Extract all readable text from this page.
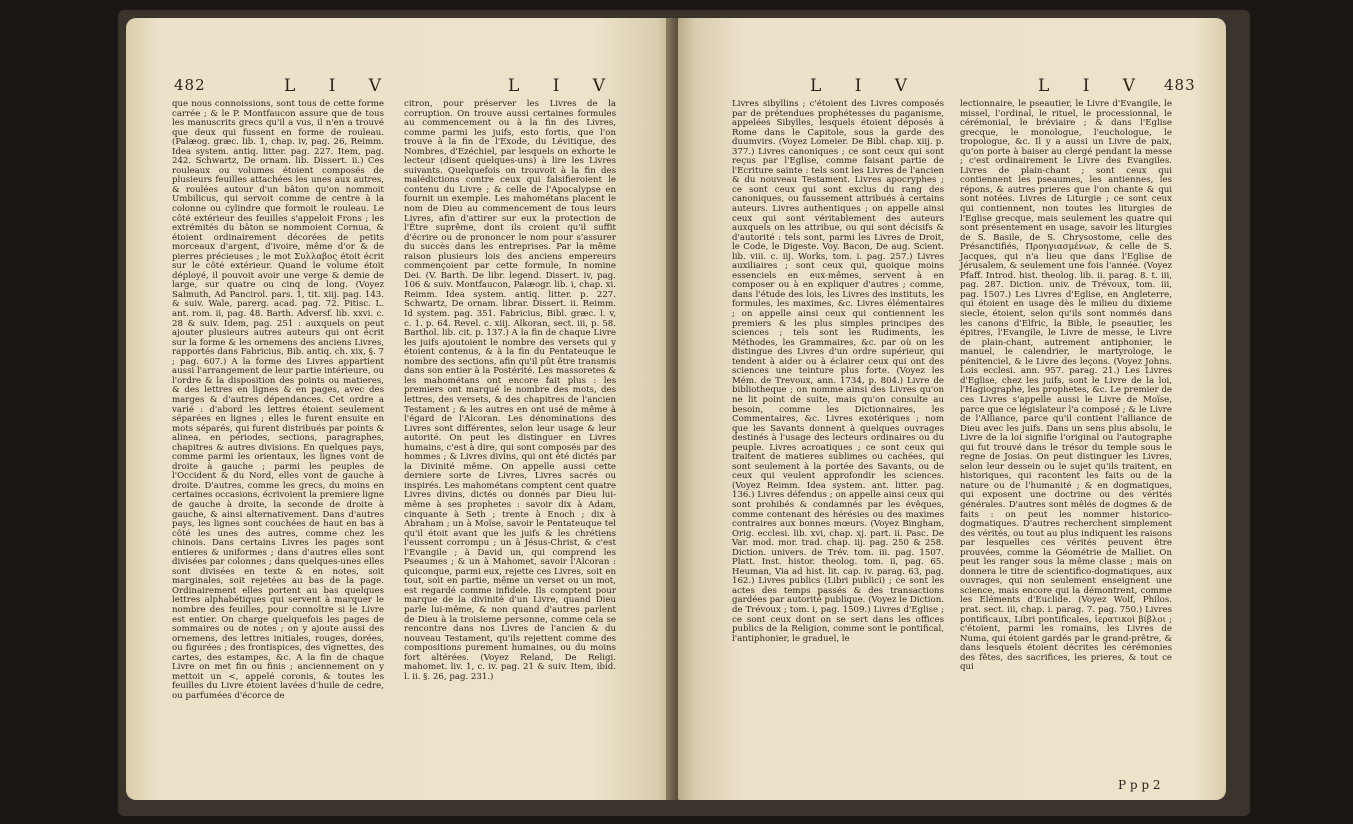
482	L I V	L I V
que nous connoissions, sont tous de cette forme carrée ; & le P. Montfaucon assure que de tous les manuscrits grecs qu'il a vus, il n'en a trouvé que deux qui fussent en forme de rouleau. (Palæog. græc. lib. 1, chap. iv, pag. 26, Reimm. Idea system. antiq. litter. pag. 227. Item, pag. 242. Schwartz, De ornam. lib. Dissert. ii.) Ces rouleaux ou volumes étoient composés de plusieurs feuilles attachées les unes aux autres, & roulées autour d'un bâton qu'on nommoit Umbilicus, qui servoit comme de centre à la colonne ou cylindre que formoit le rouleau. Le côté extérieur des feuilles s'appeloit Frons ; les extrémités du bâton se nommoient Cornua, & étoient ordinairement décorées de petits morceaux d'argent, d'ivoire, même d'or & de pierres précieuses ; le mot Συλλαβος étoit écrit sur le côté extérieur. Quand le volume étoit déployé, il pouvoit avoir une verge & demie de large, sur quatre ou cinq de long. (Voyez Salmuth, Ad Pancirol. pars. 1, tit. xiij. pag. 143. & suiv. Wale, parerg. acad. pag. 72. Pitisc. L. ant. rom. ii, pag. 48. Barth. Adversf. lib. xxvi. c. 28 & suiv. Idem, pag. 251 : auxquels on peut ajouter plusieurs autres auteurs qui ont écrit sur la forme & les ornemens des anciens Livres, rapportés dans Fabricius, Bib. antiq. ch. xix, §. 7 ; pag. 607.) A la forme des Livres appartient aussi l'arrangement de leur partie intérieure, ou l'ordre & la disposition des points ou matieres, & des lettres en lignes & en pages, avec des marges & d'autres dépendances. Cet ordre a varié : d'abord les lettres étoient seulement séparées en lignes ; elles le furent ensuite en mots séparés, qui furent distribués par points & alinea, en périodes, sections, paragraphes, chapitres & autres divisions. En quelques pays, comme parmi les orientaux, les lignes vont de droite à gauche ; parmi les peuples de l'Occident & du Nord, elles vont de gauche à droite. D'autres, comme les grecs, du moins en certaines occasions, écrivoient la premiere ligne de gauche à droite, la seconde de droite à gauche, & ainsi alternativement. Dans d'autres pays, les lignes sont couchées de haut en bas à côté les unes des autres, comme chez les chinois. Dans certains Livres les pages sont entieres & uniformes ; dans d'autres elles sont divisées par colonnes ; dans quelques-unes elles sont divisées en texte & en notes, soit marginales, soit rejetées au bas de la page. Ordinairement elles portent au bas quelques lettres alphabétiques qui servent à marquer le nombre des feuilles, pour connoître si le Livre est entier. On charge quelquefois les pages de sommaires ou de notes ; on y ajoute aussi des ornemens, des lettres initiales, rouges, dorées, ou figurées ; des frontispices, des vignettes, des cartes, des estampes, &c. A la fin de chaque Livre on met fin ou finis ; anciennement on y mettoit un <, appelé coronis, & toutes les feuilles du Livre étoient lavées d'huile de cedre, ou parfumées d'écorce de
citron, pour préserver les Livres de la corruption. On trouve aussi certaines formules au commencement ou à la fin des Livres, comme parmi les juifs, esto fortis, que l'on trouve à la fin de l'Exode, du Lévitique, des Nombres, d'Ezéchiel, par lesquels on exhorte le lecteur (disent quelques-uns) à lire les Livres suivants. Quelquefois on trouvoit à la fin des malédictions contre ceux qui falsifieroient le contenu du Livre ; & celle de l'Apocalypse en fournit un exemple. Les mahométans placent le nom de Dieu au commencement de tous leurs Livres, afin d'attirer sur eux la protection de l'Être suprême, dont ils croient qu'il suffit d'écrire ou de prononcer le nom pour s'assurer du succès dans les entreprises. Par la même raison plusieurs lois des anciens empereurs commençoient par cette formule, In nomine Dei. (V. Barth. De libr. legend. Dissert. iv, pag. 106 & suiv. Montfaucon, Palæogr. lib. i, chap. xi. Reimm. Idea system. antiq. litter. p. 227. Schwartz, De ornam. librar. Dissert. ii. Reimm. Id system. pag. 351. Fabricius, Bibl. græc. l. v, c. 1. p. 64. Revel. c. xiij. Alkoran, sect. iii, p. 58. Barthol. lib. cit. p. 137.) A la fin de chaque Livre les juifs ajoutoient le nombre des versets qui y étoient contenus, & à la fin du Pentateuque le nombre des sections, afin qu'il pût être transmis dans son entier à la Postérité. Les massoretes & les mahométans ont encore fait plus : les premiers ont marqué le nombre des mots, des lettres, des versets, & des chapitres de l'ancien Testament ; & les autres en ont usé de même à l'égard de l'Alcoran. Les dénominations des Livres sont différentes, selon leur usage & leur autorité. On peut les distinguer en Livres humains, c'est à dire, qui sont composés par des hommes ; & Livres divins, qui ont été dictés par la Divinité même. On appelle aussi cette derniere sorte de Livres, Livres sacrés ou inspirés. Les mahométans comptent cent quatre Livres divins, dictés ou donnés par Dieu lui-même à ses prophetes : savoir dix à Adam, cinquante à Seth ; trente à Enoch ; dix à Abraham ; un à Moïse, savoir le Pentateuque tel qu'il étoit avant que les juifs & les chrétiens l'eussent corrompu ; un à Jésus-Christ, & c'est l'Evangile ; à David un, qui comprend les Pseaumes ; & un à Mahomet, savoir l'Alcoran : quiconque, parmi eux, rejette ces Livres, soit en tout, soit en partie, même un verset ou un mot, est regardé comme infidele. Ils comptent pour marque de la divinité d'un Livre, quand Dieu parle lui-même, & non quand d'autres parlent de Dieu à la troisieme personne, comme cela se rencontre dans nos Livres de l'ancien & du nouveau Testament, qu'ils rejettent comme des compositions purement humaines, ou du moins fort altérées. (Voyez Reland, De Religi. mahomet. liv. 1, c. iv. pag. 21 & suiv. Item, ibid. l. ii. §. 26, pag. 231.)
L I V	L I V 483
Livres sibyllins ; c'étoient des Livres composés par de prétendues prophétesses du paganisme, appelées Sibylles, lesquels étoient déposés à Rome dans le Capitole, sous la garde des duumvirs. (Voyez Lomeier. De Bibl. chap. xiij. p. 377.) Livres canoniques ; ce sont ceux qui sont reçus par l'Eglise, comme faisant partie de l'Ecriture sainte : tels sont les Livres de l'ancien & du nouveau Testament. Livres apocryphes ; ce sont ceux qui sont exclus du rang des canoniques, ou faussement attribués à certains auteurs. Livres authentiques ; on appelle ainsi ceux qui sont véritablement des auteurs auxquels on les attribue, ou qui sont décisifs & d'autorité : tels sont, parmi les Livres de Droit, le Code, le Digeste. Voy. Bacon, De aug. Scient. lib. viii. c. iij. Works, tom. i. pag. 257.) Livres auxiliaires ; sont ceux qui, quoique moins essenciels en eux-mêmes, servent à en composer ou à en expliquer d'autres ; comme, dans l'étude des lois, les Livres des instituts, les formules, les maximes, &c. Livres élémentaires ; on appelle ainsi ceux qui contiennent les premiers & les plus simples principes des sciences ; tels sont les Rudiments, les Méthodes, les Grammaires, &c. par où on les distingue des Livres d'un ordre supérieur, qui tendent à aider ou à éclairer ceux qui ont des sciences une teinture plus forte. (Voyez les Mém. de Trevoux, ann. 1734, p. 804.) Livre de bibliotheque ; on nomme ainsi des Livres qu'on ne lit point de suite, mais qu'on consulte au besoin, comme les Dictionnaires, les Commentaires, &c. Livres exotériques ; nom que les Savants donnent à quelques ouvrages destinés à l'usage des lecteurs ordinaires ou du peuple. Livres acroatiques ; ce sont ceux qui traitent de matieres sublimes ou cachées, qui sont seulement à la portée des Savants, ou de ceux qui veulent approfondir les sciences. (Voyez Reimm. Idea system. ant. litter. pag. 136.) Livres défendus ; on appelle ainsi ceux qui sont prohibés & condamnés par les évêques, comme contenant des hérésies ou des maximes contraires aux bonnes mœurs. (Voyez Bingham, Orig. ecclesi. lib. xvi, chap. xj. part. ii. Pasc. De Var. mod. mor. trad. chap. iij. pag. 250 & 258. Diction. univers. de Trév. tom. iii. pag. 1507. Platt. Inst. histor. theolog. tom. ii, pag. 65. Heuman, Via ad hist. lit. cap. iv. parag. 63, pag. 162.) Livres publics (Libri publici) ; ce sont les actes des temps passés & des transactions gardées par autorité publique. (Voyez le Diction. de Trévoux ; tom. i, pag. 1509.) Livres d'Eglise ; ce sont ceux dont on se sert dans les offices publics de la Religion, comme sont le pontifical, l'antiphonier, le graduel, le
lectionnaire, le pseautier, le Livre d'Evangile, le missel, l'ordinal, le rituel, le processionnal, le cérémonial, le bréviaire ; & dans l'Eglise grecque, le monologue, l'euchologue, le tropologue, &c. Il y a aussi un Livre de paix, qu'on porte à baiser au clergé pendant la messe ; c'est ordinairement le Livre des Evangiles. Livres de plain-chant ; sont ceux qui contiennent les pseaumes, les antiennes, les répons, & autres prieres que l'on chante & qui sont notées. Livres de Liturgie ; ce sont ceux qui contiennent, non toutes les liturgies de l'Eglise grecque, mais seulement les quatre qui sont présentement en usage, savoir les liturgies de S. Basile, de S. Chrysostome, celle des Présanctifiés, Προηγιασμένων, & celle de S. Jacques, qui n'a lieu que dans l'Eglise de Jérusalem, & seulement une fois l'année. (Voyez Pfaff. Introd. hist. theolog. lib. ii. parag. 8. t. iii, pag. 287. Diction. univ. de Trévoux, tom. iii, pag. 1507.) Les Livres d'Eglise, en Angleterre, qui étoient en usage dès le milieu du dixieme siecle, étoient, selon qu'ils sont nommés dans les canons d'Elfric, la Bible, le pseautier, les épitres, l'Evangile, le Livre de messe, le Livre de plain-chant, autrement antiphonier, le manuel, le calendrier, le martyrologe, le pénitenciel, & le Livre des leçons. (Voyez Johns. Lois ecclesi. ann. 957. parag. 21.) Les Livres d'Eglise, chez les juifs, sont le Livre de la loi, l'Hagiographe, les prophetes, &c. Le premier de ces Livres s'appelle aussi le Livre de Moïse, parce que ce législateur l'a composé ; & le Livre de l'Alliance, parce qu'il contient l'alliance de Dieu avec les juifs. Dans un sens plus absolu, le Livre de la loi signifie l'original ou l'autographe qui fut trouvé dans le trésor du temple sous le regne de Josias. On peut distinguer les Livres, selon leur dessein ou le sujet qu'ils traitent, en historiques, qui racontent les faits ou de la nature ou de l'humanité ; & en dogmatiques, qui exposent une doctrine ou des vérités générales. D'autres sont mêlés de dogmes & de faits : on peut les nommer historico-dogmatiques. D'autres recherchent simplement des vérités, ou tout au plus indiquent les raisons par lesquelles ces vérités peuvent être prouvées, comme la Géométrie de Malliet. On peut les ranger sous la même classe ; mais on donnera le titre de scientifico-dogmatiques, aux ouvrages, qui non seulement enseignent une science, mais encore qui la démontrent, comme les Eléments d'Euclide. (Voyez Wolf, Philos. prat. sect. iii, chap. i. parag. 7. pag. 750.) Livres pontificaux, Libri pontificales, ἱερατικοὶ βίβλοι ; c'étoient, parmi les romains, les Livres de Numa, qui étoient gardés par le grand-prêtre, & dans lesquels étoient décrites les cérémonies des fêtes, des sacrifices, les prieres, & tout ce qui
P p p 2
